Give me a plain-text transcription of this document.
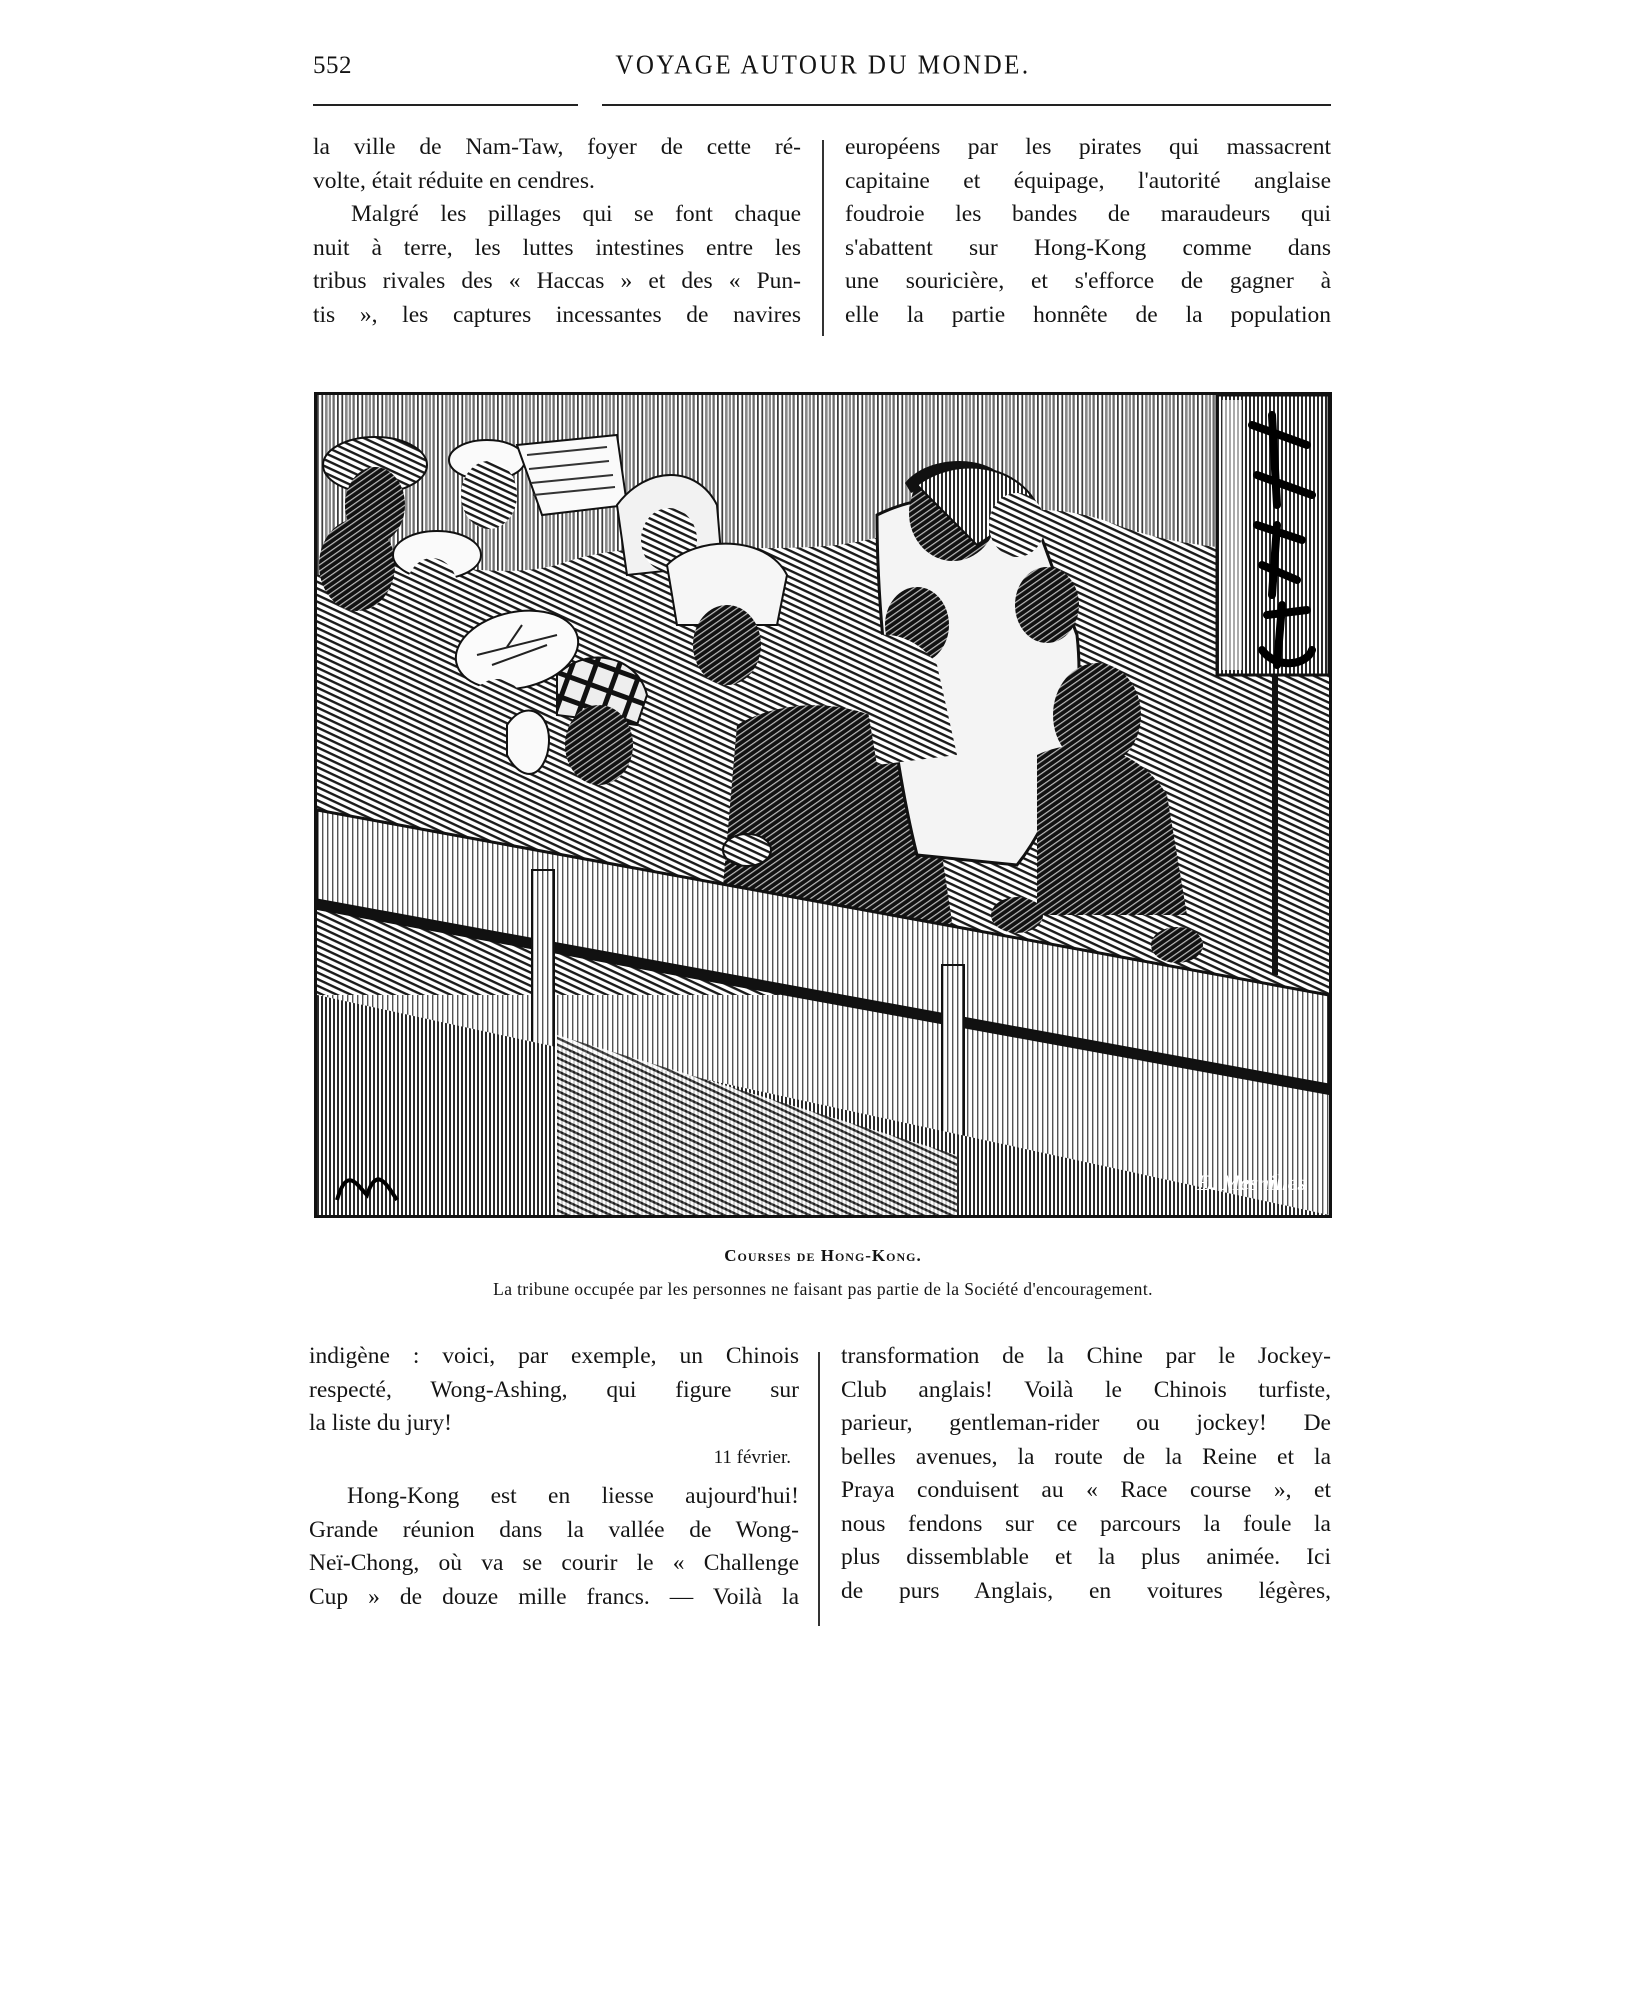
552	VOYAGE AUTOUR DU MONDE.
la ville de Nam-Taw, foyer de cette ré-
volte, était réduite en cendres.
Malgré les pillages qui se font chaque
nuit à terre, les luttes intestines entre les
tribus rivales des « Haccas » et des « Pun-
tis », les captures incessantes de navires
européens par les pirates qui massacrent
capitaine et équipage, l'autorité anglaise
foudroie les bandes de maraudeurs qui
s'abattent sur Hong-Kong comme dans
une souricière, et s'efforce de gagner à
elle la partie honnête de la population
E. Mesnilles
Courses de Hong-Kong.
La tribune occupée par les personnes ne faisant pas partie de la Société d'encouragement.
indigène : voici, par exemple, un Chinois
respecté, Wong-Ashing, qui figure sur
la liste du jury!
11 février.
Hong-Kong est en liesse aujourd'hui!
Grande réunion dans la vallée de Wong-
Neï-Chong, où va se courir le « Challenge
Cup » de douze mille francs. — Voilà la
transformation de la Chine par le Jockey-
Club anglais! Voilà le Chinois turfiste,
parieur, gentleman-rider ou jockey! De
belles avenues, la route de la Reine et la
Praya conduisent au « Race course », et
nous fendons sur ce parcours la foule la
plus dissemblable et la plus animée. Ici
de purs Anglais, en voitures légères,
